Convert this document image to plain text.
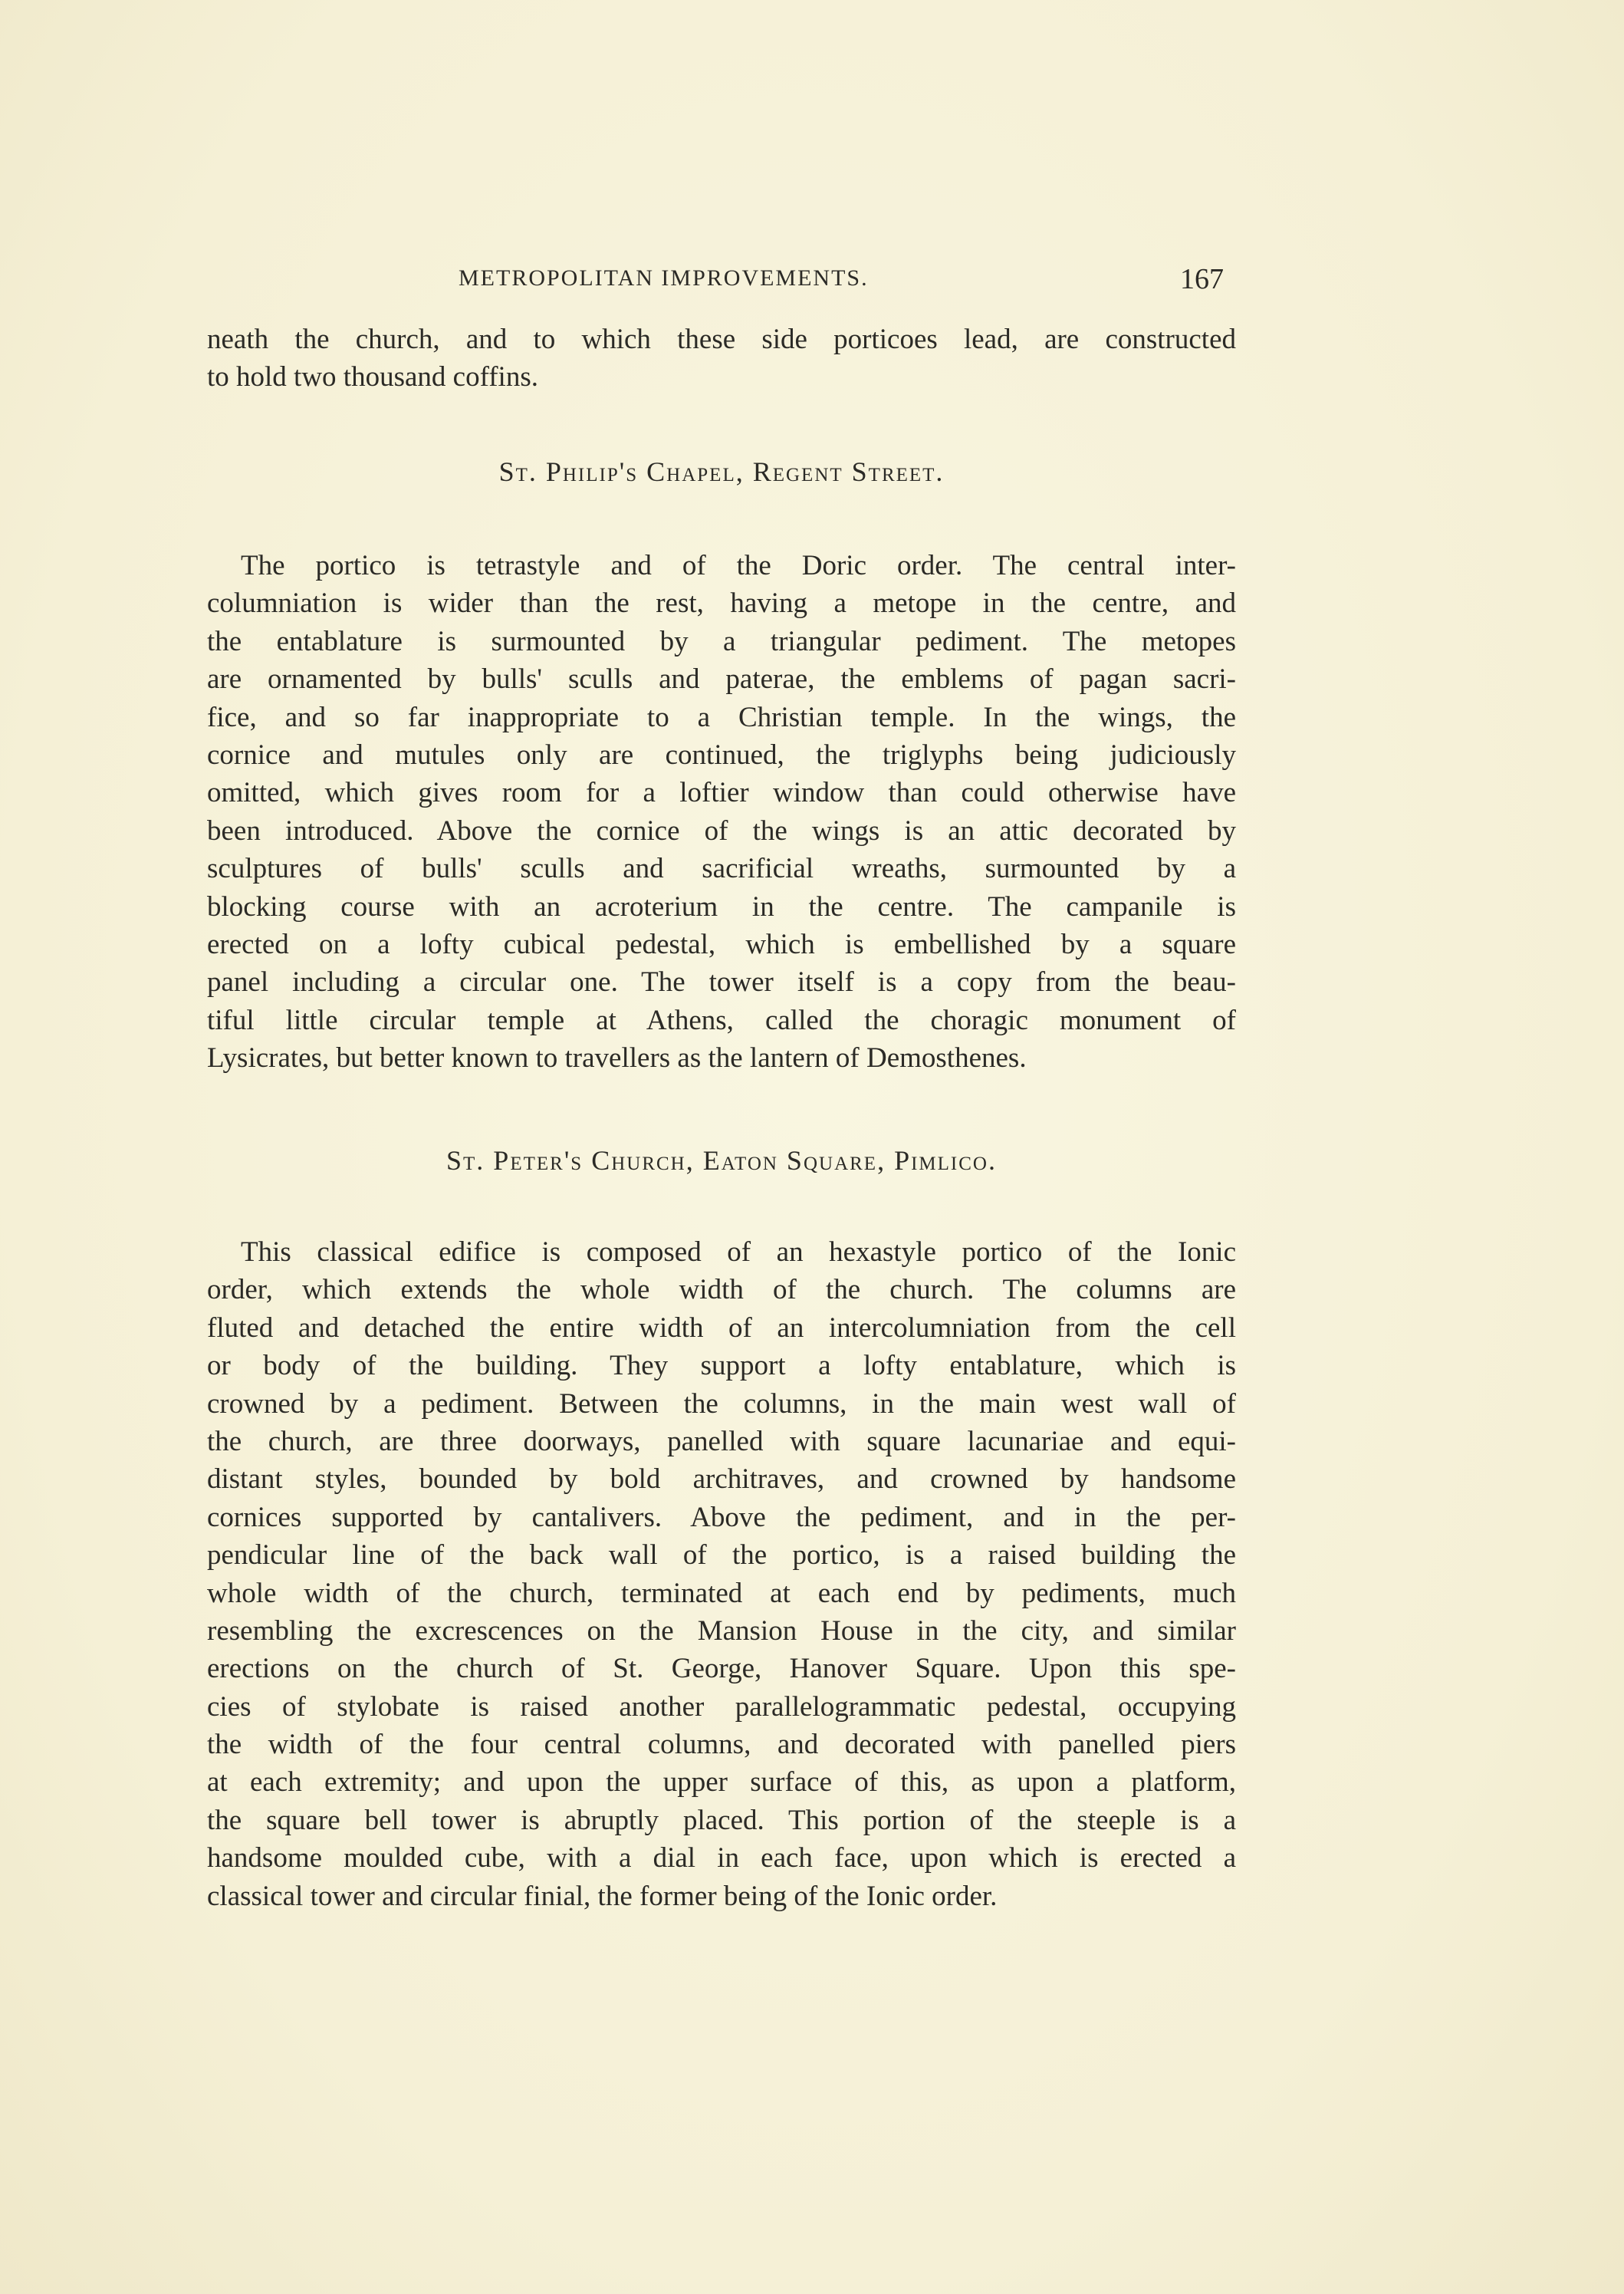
METROPOLITAN IMPROVEMENTS.	167
neath the church, and to which these side porticoes lead, are constructed
to hold two thousand coffins.
St. Philip's Chapel, Regent Street.
The portico is tetrastyle and of the Doric order. The central inter-
columniation is wider than the rest, having a metope in the centre, and
the entablature is surmounted by a triangular pediment. The metopes
are ornamented by bulls' sculls and paterae, the emblems of pagan sacri-
fice, and so far inappropriate to a Christian temple. In the wings, the
cornice and mutules only are continued, the triglyphs being judiciously
omitted, which gives room for a loftier window than could otherwise have
been introduced. Above the cornice of the wings is an attic decorated by
sculptures of bulls' sculls and sacrificial wreaths, surmounted by a
blocking course with an acroterium in the centre. The campanile is
erected on a lofty cubical pedestal, which is embellished by a square
panel including a circular one. The tower itself is a copy from the beau-
tiful little circular temple at Athens, called the choragic monument of
Lysicrates, but better known to travellers as the lantern of Demosthenes.
St. Peter's Church, Eaton Square, Pimlico.
This classical edifice is composed of an hexastyle portico of the Ionic
order, which extends the whole width of the church. The columns are
fluted and detached the entire width of an intercolumniation from the cell
or body of the building. They support a lofty entablature, which is
crowned by a pediment. Between the columns, in the main west wall of
the church, are three doorways, panelled with square lacunariae and equi-
distant styles, bounded by bold architraves, and crowned by handsome
cornices supported by cantalivers. Above the pediment, and in the per-
pendicular line of the back wall of the portico, is a raised building the
whole width of the church, terminated at each end by pediments, much
resembling the excrescences on the Mansion House in the city, and similar
erections on the church of St. George, Hanover Square. Upon this spe-
cies of stylobate is raised another parallelogrammatic pedestal, occupying
the width of the four central columns, and decorated with panelled piers
at each extremity; and upon the upper surface of this, as upon a platform,
the square bell tower is abruptly placed. This portion of the steeple is a
handsome moulded cube, with a dial in each face, upon which is erected a
classical tower and circular finial, the former being of the Ionic order.
